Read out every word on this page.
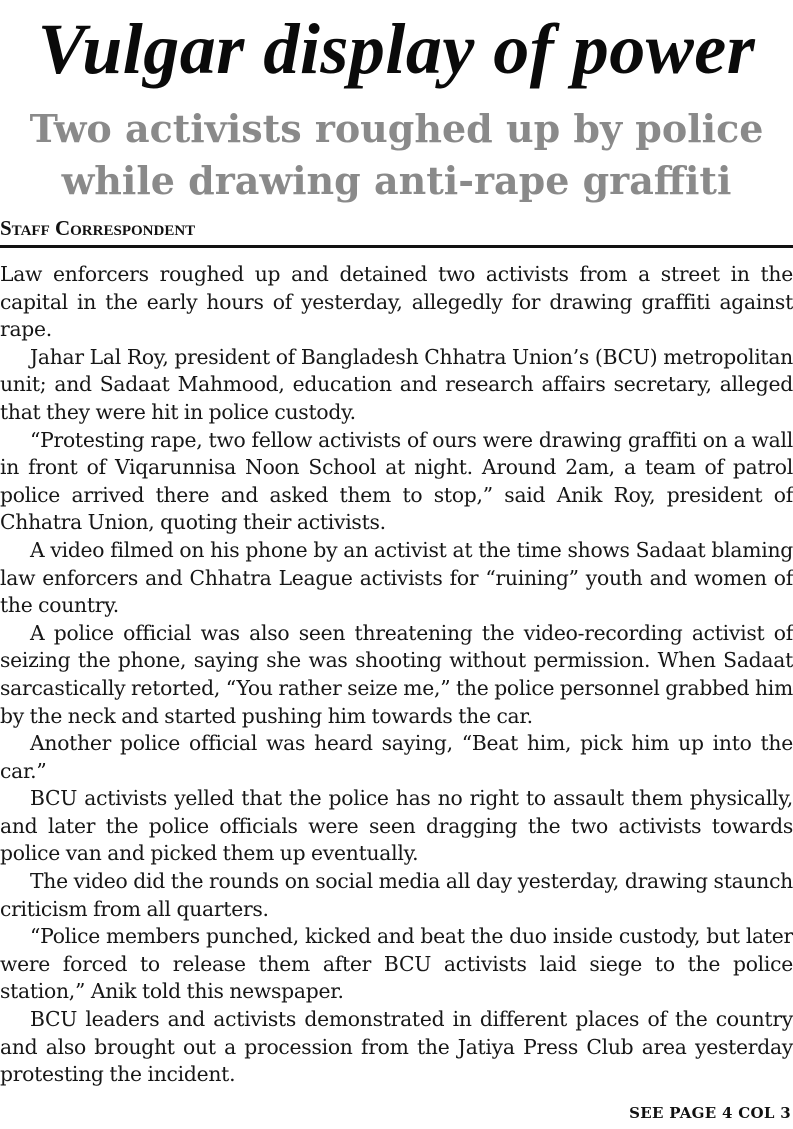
Vulgar display of power
Two activists roughed up by police while drawing anti-rape graffiti
Staff Correspondent

Law enforcers roughed up and detained two activists from a street in the capital in the early hours of yesterday, allegedly for drawing graffiti against rape.

Jahar Lal Roy, president of Bangladesh Chhatra Union’s (BCU) metropolitan unit; and Sadaat Mahmood, education and research affairs secretary, alleged that they were hit in police custody.

“Protesting rape, two fellow activists of ours were drawing graffiti on a wall in front of Viqarunnisa Noon School at night. Around 2am, a team of patrol police arrived there and asked them to stop,” said Anik Roy, president of Chhatra Union, quoting their activists.

A video filmed on his phone by an activist at the time shows Sadaat blaming law enforcers and Chhatra League activists for “ruining” youth and women of the country.

A police official was also seen threatening the video-recording activist of seizing the phone, saying she was shooting without permission. When Sadaat sarcastically retorted, “You rather seize me,” the police personnel grabbed him by the neck and started pushing him towards the car.

Another police official was heard saying, “Beat him, pick him up into the car.”

BCU activists yelled that the police has no right to assault them physically, and later the police officials were seen dragging the two activists towards police van and picked them up eventually.

The video did the rounds on social media all day yesterday, drawing staunch criticism from all quarters.

“Police members punched, kicked and beat the duo inside custody, but later were forced to release them after BCU activists laid siege to the police station,” Anik told this newspaper.

BCU leaders and activists demonstrated in different places of the country and also brought out a procession from the Jatiya Press Club area yesterday protesting the incident.

SEE PAGE 4 COL 3
